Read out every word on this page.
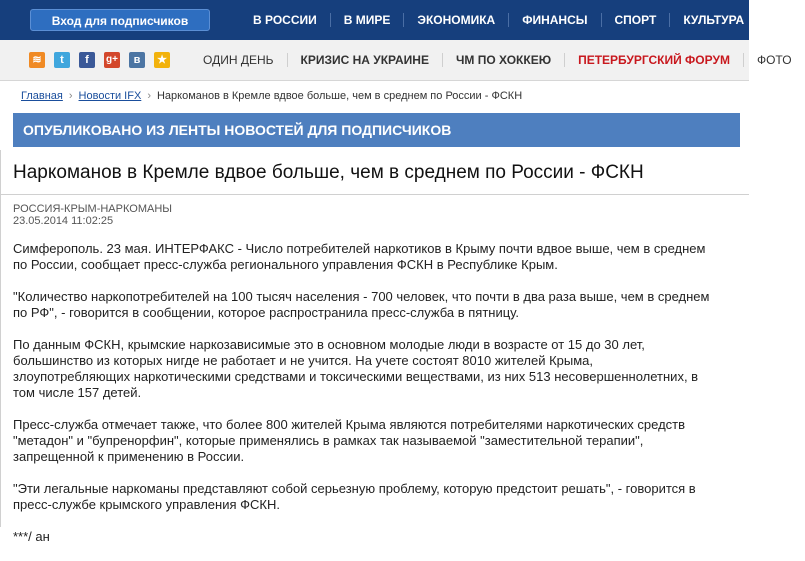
Вход для подписчиков	В РОССИИ	В МИРЕ	ЭКОНОМИКА	ФИНАНСЫ	СПОРТ	КУЛЬТУРА
≋	t	f	g+	в	★	ОДИН ДЕНЬ	КРИЗИС НА УКРАИНЕ	ЧМ ПО ХОККЕЮ	ПЕТЕРБУРГСКИЙ ФОРУМ	ФОТО
Главная › Новости IFX › Наркоманов в Кремле вдвое больше, чем в среднем по России - ФСКН
ОПУБЛИКОВАНО ИЗ ЛЕНТЫ НОВОСТЕЙ ДЛЯ ПОДПИСЧИКОВ
Наркоманов в Кремле вдвое больше, чем в среднем по России - ФСКН
РОССИЯ-КРЫМ-НАРКОМАНЫ
23.05.2014 11:02:25

Симферополь. 23 мая. ИНТЕРФАКС - Число потребителей наркотиков в Крыму почти вдвое выше, чем в среднем по России, сообщает пресс-служба регионального управления ФСКН в Республике Крым.

"Количество наркопотребителей на 100 тысяч населения - 700 человек, что почти в два раза выше, чем в среднем по РФ", - говорится в сообщении, которое распространила пресс-служба в пятницу.

По данным ФСКН, крымские наркозависимые это в основном молодые люди в возрасте от 15 до 30 лет, большинство из которых нигде не работает и не учится. На учете состоят 8010 жителей Крыма, злоупотребляющих наркотическими средствами и токсическими веществами, из них 513 несовершеннолетних, в том числе 157 детей.

Пресс-служба отмечает также, что более 800 жителей Крыма являются потребителями наркотических средств "метадон" и "бупренорфин", которые применялись в рамках так называемой "заместительной терапии", запрещенной к применению в России.

"Эти легальные наркоманы представляют собой серьезную проблему, которую предстоит решать", - говорится в пресс-службе крымского управления ФСКН.

***/ ан
